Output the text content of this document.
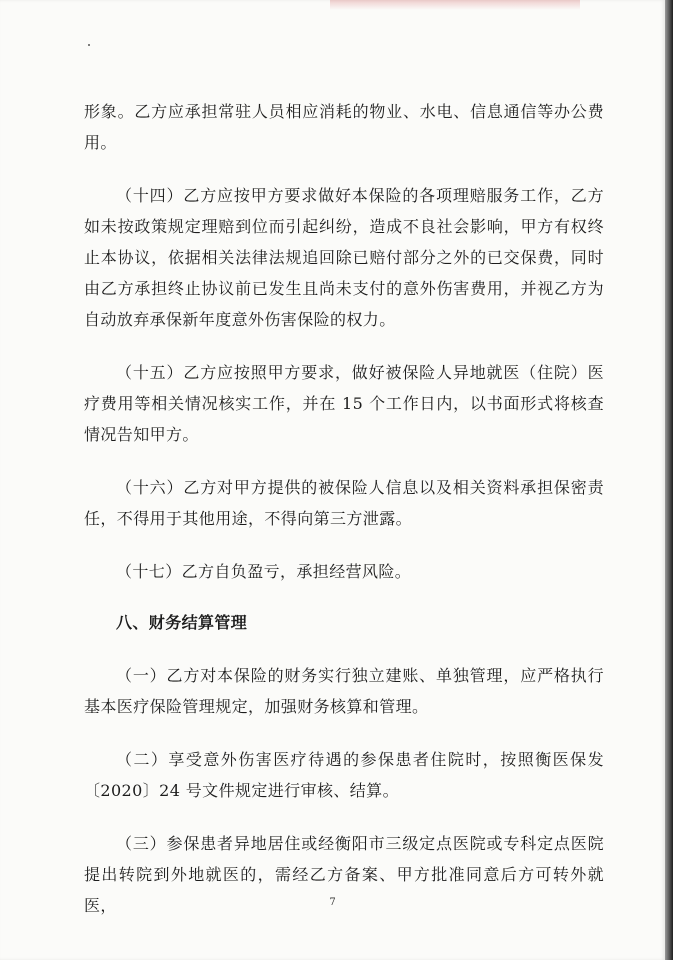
形象。乙方应承担常驻人员相应消耗的物业、水电、信息通信等办公费用。

（十四）乙方应按甲方要求做好本保险的各项理赔服务工作，乙方如未按政策规定理赔到位而引起纠纷，造成不良社会影响，甲方有权终止本协议，依据相关法律法规追回除已赔付部分之外的已交保费，同时由乙方承担终止协议前已发生且尚未支付的意外伤害费用，并视乙方为自动放弃承保新年度意外伤害保险的权力。

（十五）乙方应按照甲方要求，做好被保险人异地就医（住院）医疗费用等相关情况核实工作，并在 15 个工作日内，以书面形式将核查情况告知甲方。

（十六）乙方对甲方提供的被保险人信息以及相关资料承担保密责任，不得用于其他用途，不得向第三方泄露。

（十七）乙方自负盈亏，承担经营风险。

八、财务结算管理

（一）乙方对本保险的财务实行独立建账、单独管理，应严格执行基本医疗保险管理规定，加强财务核算和管理。

（二）享受意外伤害医疗待遇的参保患者住院时，按照衡医保发〔2020〕24 号文件规定进行审核、结算。

（三）参保患者异地居住或经衡阳市三级定点医院或专科定点医院提出转院到外地就医的，需经乙方备案、甲方批准同意后方可转外就医，	7
